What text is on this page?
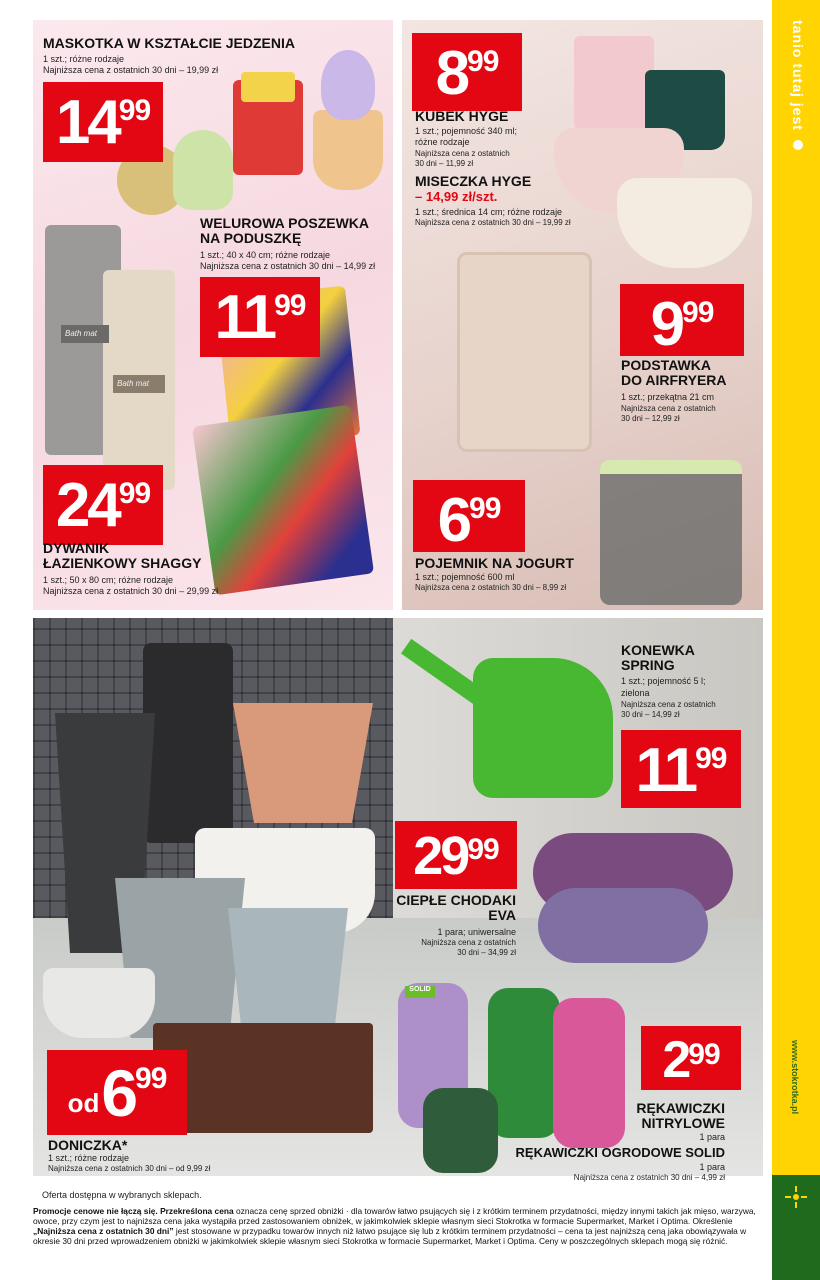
tanio tutaj jest
www.stokrotka.pl
Bath mat
Bath mat
MASKOTKA W KSZTAŁCIE JEDZENIA
1 szt.; różne rodzaje
Najniższa cena z ostatnich 30 dni – 19,99 zł
14 99
WELUROWA POSZEWKA
NA PODUSZKĘ
1 szt.; 40 x 40 cm; różne rodzaje
Najniższa cena z ostatnich 30 dni – 14,99 zł
11 99
24 99
DYWANIK
ŁAZIENKOWY SHAGGY
1 szt.; 50 x 80 cm; różne rodzaje
Najniższa cena z ostatnich 30 dni – 29,99 zł
8 99
KUBEK HYGE
1 szt.; pojemność 340 ml;
różne rodzaje
Najniższa cena z ostatnich
30 dni – 11,99 zł
MISECZKA HYGE
– 14,99 zł/szt.
1 szt.; średnica 14 cm; różne rodzaje
Najniższa cena z ostatnich 30 dni – 19,99 zł
9 99
PODSTAWKA
DO AIRFRYERA
1 szt.; przekątna 21 cm
Najniższa cena z ostatnich
30 dni – 12,99 zł
6 99
POJEMNIK NA JOGURT
1 szt.; pojemność 600 ml
Najniższa cena z ostatnich 30 dni – 8,99 zł
SOLID
KONEWKA
SPRING
1 szt.; pojemność 5 l;
zielona
Najniższa cena z ostatnich
30 dni – 14,99 zł
11 99
29 99
CIEPŁE CHODAKI
EVA
1 para; uniwersalne
Najniższa cena z ostatnich
30 dni – 34,99 zł
od 6 99
DONICZKA*
1 szt.; różne rodzaje
Najniższa cena z ostatnich 30 dni – od 9,99 zł
2 99
RĘKAWICZKI
NITRYLOWE
1 para
RĘKAWICZKI OGRODOWE SOLID
1 para
Najniższa cena z ostatnich 30 dni – 4,99 zł
Oferta dostępna w wybranych sklepach.
Promocje cenowe nie łączą się. Przekreślona cena oznacza cenę sprzed obniżki · dla towarów łatwo psujących się i z krótkim terminem przydatności, między innymi takich jak mięso, warzywa, owoce, przy czym jest to najniższa cena jaka wystąpiła przed zastosowaniem obniżek, w jakimkolwiek sklepie własnym sieci Stokrotka w formacie Supermarket, Market i Optima. Określenie „Najniższa cena z ostatnich 30 dni” jest stosowane w przypadku towarów innych niż łatwo psujące się lub z krótkim terminem przydatności – cena ta jest najniższą ceną jaka obowiązywała w okresie 30 dni przed wprowadzeniem obniżki w jakimkolwiek sklepie własnym sieci Stokrotka w formacie Supermarket, Market i Optima. Ceny w poszczególnych sklepach mogą się różnić.
